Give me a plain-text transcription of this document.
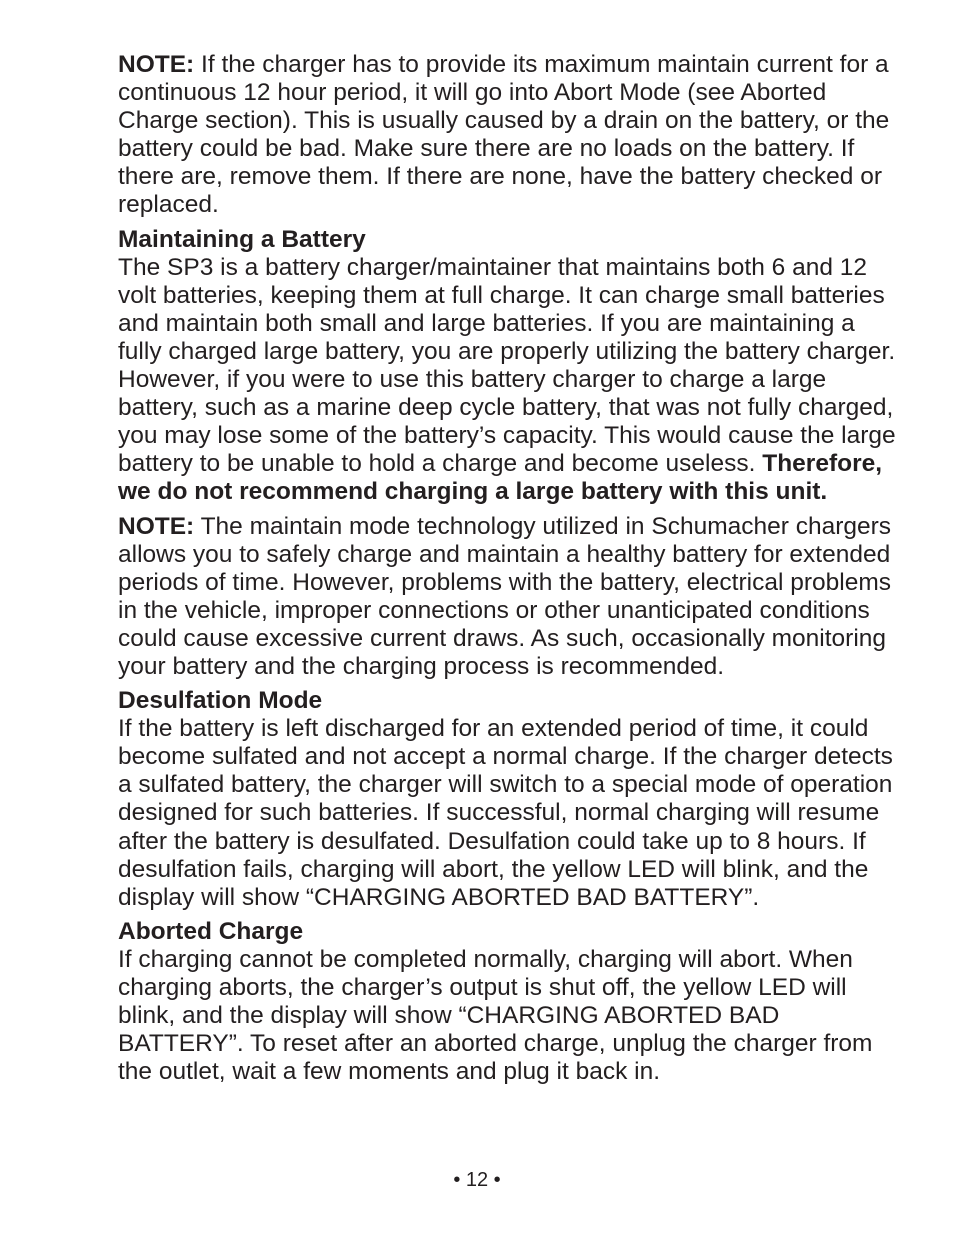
NOTE: If the charger has to provide its maximum maintain current for a continuous 12 hour period, it will go into Abort Mode (see Aborted Charge section). This is usually caused by a drain on the battery, or the battery could be bad. Make sure there are no loads on the battery. If there are, remove them. If there are none, have the battery checked or replaced.

Maintaining a Battery

The SP3 is a battery charger/maintainer that maintains both 6 and 12 volt batteries, keeping them at full charge. It can charge small batteries and maintain both small and large batteries. If you are maintaining a fully charged large battery, you are properly utilizing the battery charger. However, if you were to use this battery charger to charge a large battery, such as a marine deep cycle battery, that was not fully charged, you may lose some of the battery’s capacity. This would cause the large battery to be unable to hold a charge and become useless. Therefore, we do not recommend charging a large battery with this unit.

NOTE: The maintain mode technology utilized in Schumacher chargers allows you to safely charge and maintain a healthy battery for extended periods of time. However, problems with the battery, electrical problems in the vehicle, improper connections or other unanticipated conditions could cause excessive current draws. As such, occasionally monitoring your battery and the charging process is recommended.

Desulfation Mode

If the battery is left discharged for an extended period of time, it could become sulfated and not accept a normal charge. If the charger detects a sulfated battery, the charger will switch to a special mode of operation designed for such batteries. If successful, normal charging will resume after the battery is desulfated. Desulfation could take up to 8 hours. If desulfation fails, charging will abort, the yellow LED will blink, and the display will show “CHARGING ABORTED BAD BATTERY”.

Aborted Charge

If charging cannot be completed normally, charging will abort. When charging aborts, the charger’s output is shut off, the yellow LED will blink, and the display will show “CHARGING ABORTED BAD BATTERY”. To reset after an aborted charge, unplug the charger from the outlet, wait a few moments and plug it back in.

• 12 •
